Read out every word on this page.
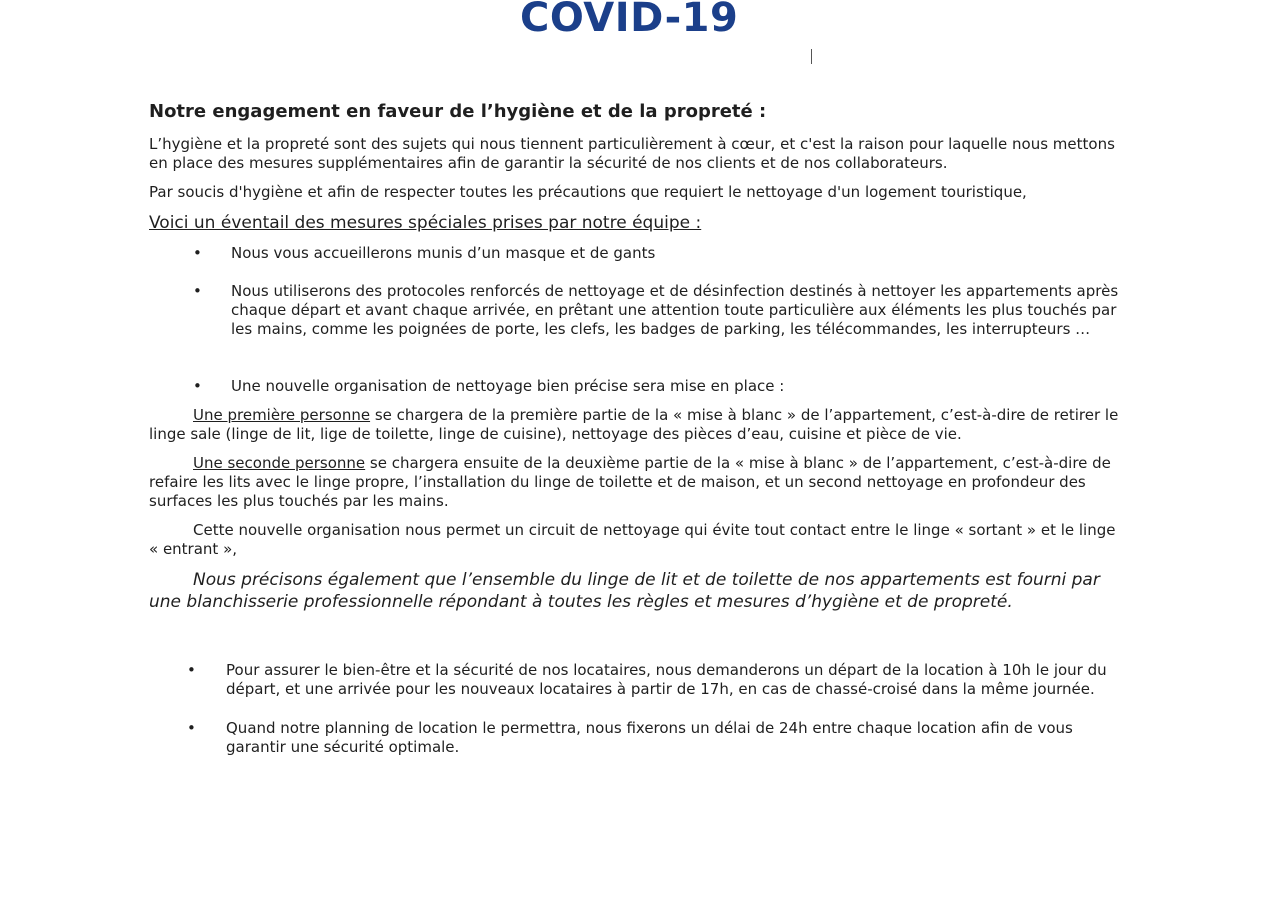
COVID-19
Notre engagement en faveur de l’hygiène et de la propreté :

L’hygiène et la propreté sont des sujets qui nous tiennent particulièrement à cœur, et c'est la raison pour laquelle nous mettons en place des mesures supplémentaires afin de garantir la sécurité de nos clients et de nos collaborateurs.

Par soucis d'hygiène et afin de respecter toutes les précautions que requiert le nettoyage d'un logement touristique,

Voici un éventail des mesures spéciales prises par notre équipe :
• Nous vous accueillerons munis d’un masque et de gants
• Nous utiliserons des protocoles renforcés de nettoyage et de désinfection destinés à nettoyer les appartements après chaque départ et avant chaque arrivée, en prêtant une attention toute particulière aux éléments les plus touchés par les mains, comme les poignées de porte, les clefs, les badges de parking, les télécommandes, les interrupteurs …
• Une nouvelle organisation de nettoyage bien précise sera mise en place :

Une première personne se chargera de la première partie de la « mise à blanc » de l’appartement, c’est-à-dire de retirer le linge sale (linge de lit, lige de toilette, linge de cuisine), nettoyage des pièces d’eau, cuisine et pièce de vie.

Une seconde personne se chargera ensuite de la deuxième partie de la « mise à blanc » de l’appartement, c’est-à-dire de refaire les lits avec le linge propre, l’installation du linge de toilette et de maison, et un second nettoyage en profondeur des surfaces les plus touchés par les mains.

Cette nouvelle organisation nous permet un circuit de nettoyage qui évite tout contact entre le linge « sortant » et le linge « entrant »,

Nous précisons également que l’ensemble du linge de lit et de toilette de nos appartements est fourni par une blanchisserie professionnelle répondant à toutes les règles et mesures d’hygiène et de propreté.

• Pour assurer le bien-être et la sécurité de nos locataires, nous demanderons un départ de la location à 10h le jour du départ, et une arrivée pour les nouveaux locataires à partir de 17h, en cas de chassé-croisé dans la même journée.
• Quand notre planning de location le permettra, nous fixerons un délai de 24h entre chaque location afin de vous garantir une sécurité optimale.
